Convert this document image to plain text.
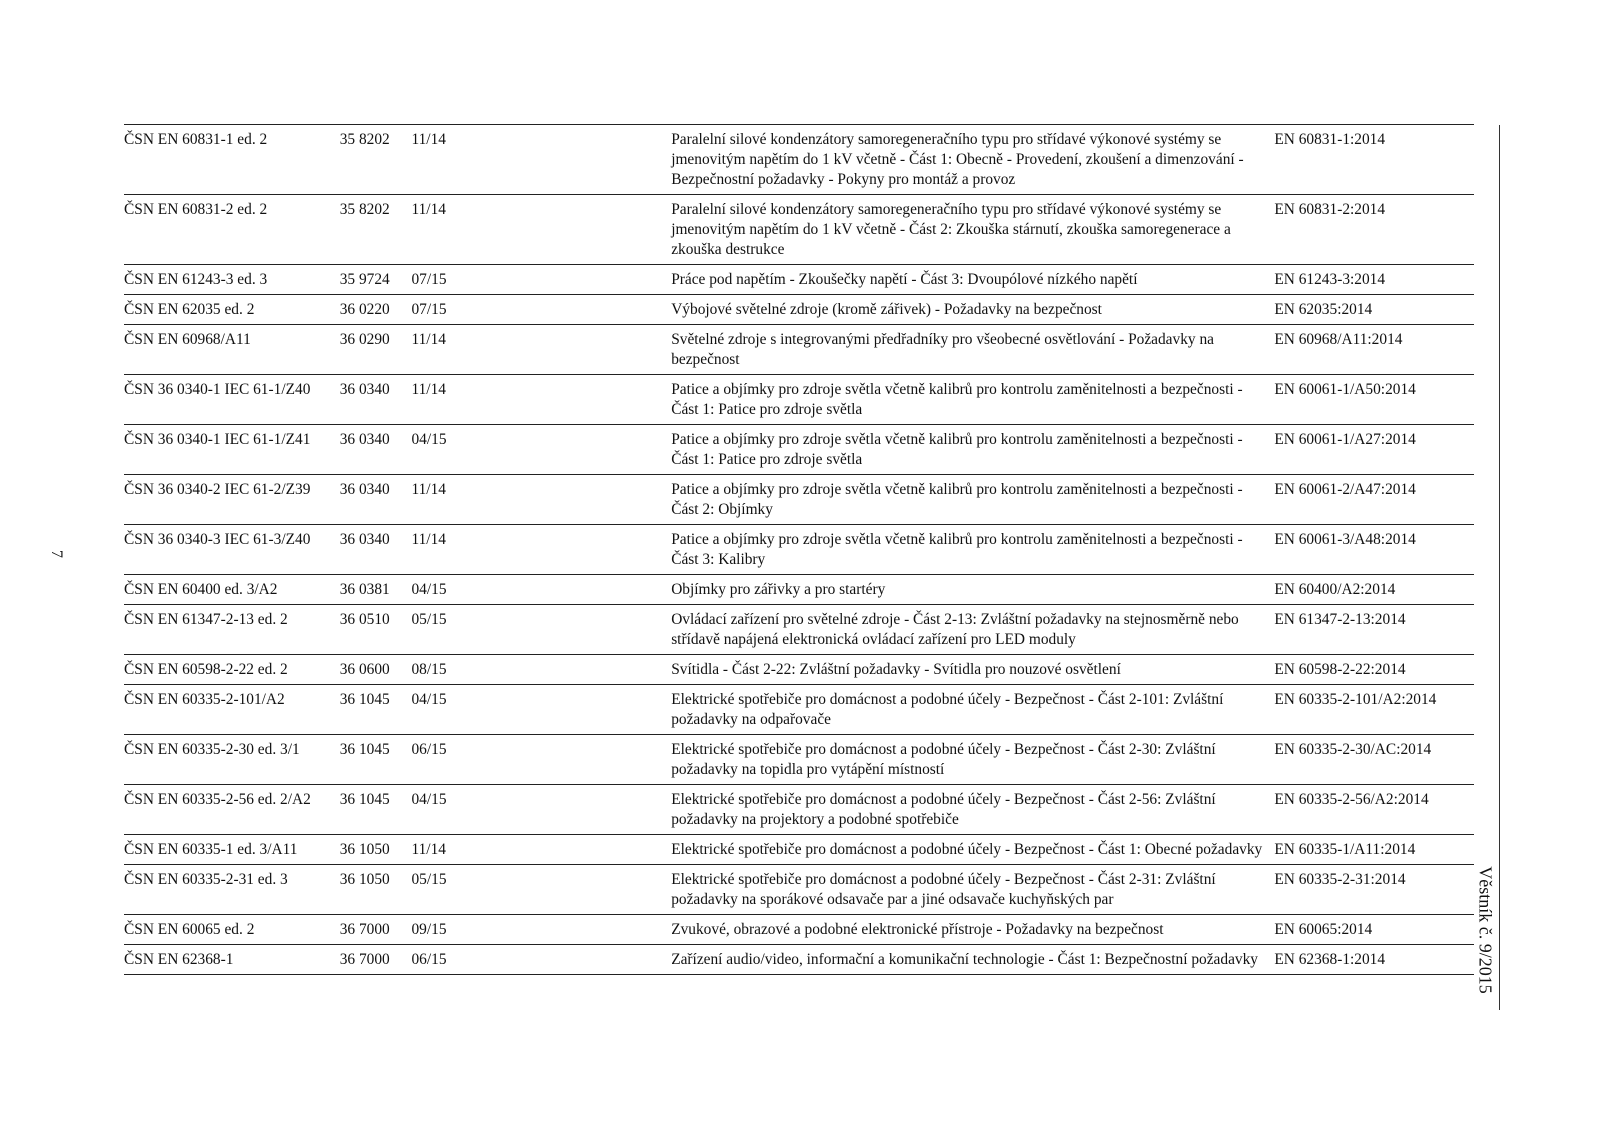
7
Věstník č. 9/2015
ČSN EN 60831-1 ed. 2	35 8202	11/14	Paralelní silové kondenzátory samoregeneračního typu pro střídavé výkonové systémy se jmenovitým napětím do 1 kV včetně - Část 1: Obecně - Provedení, zkoušení a dimenzování - Bezpečnostní požadavky - Pokyny pro montáž a provoz	EN 60831-1:2014
ČSN EN 60831-2 ed. 2	35 8202	11/14	Paralelní silové kondenzátory samoregeneračního typu pro střídavé výkonové systémy se jmenovitým napětím do 1 kV včetně - Část 2: Zkouška stárnutí, zkouška samoregenerace a zkouška destrukce	EN 60831-2:2014
ČSN EN 61243-3 ed. 3	35 9724	07/15	Práce pod napětím - Zkoušečky napětí - Část 3: Dvoupólové nízkého napětí	EN 61243-3:2014
ČSN EN 62035 ed. 2	36 0220	07/15	Výbojové světelné zdroje (kromě zářivek) - Požadavky na bezpečnost	EN 62035:2014
ČSN EN 60968/A11	36 0290	11/14	Světelné zdroje s integrovanými předřadníky pro všeobecné osvětlování - Požadavky na bezpečnost	EN 60968/A11:2014
ČSN 36 0340-1 IEC 61-1/Z40	36 0340	11/14	Patice a objímky pro zdroje světla včetně kalibrů pro kontrolu zaměnitelnosti a bezpečnosti - Část 1: Patice pro zdroje světla	EN 60061-1/A50:2014
ČSN 36 0340-1 IEC 61-1/Z41	36 0340	04/15	Patice a objímky pro zdroje světla včetně kalibrů pro kontrolu zaměnitelnosti a bezpečnosti - Část 1: Patice pro zdroje světla	EN 60061-1/A27:2014
ČSN 36 0340-2 IEC 61-2/Z39	36 0340	11/14	Patice a objímky pro zdroje světla včetně kalibrů pro kontrolu zaměnitelnosti a bezpečnosti - Část 2: Objímky	EN 60061-2/A47:2014
ČSN 36 0340-3 IEC 61-3/Z40	36 0340	11/14	Patice a objímky pro zdroje světla včetně kalibrů pro kontrolu zaměnitelnosti a bezpečnosti - Část 3: Kalibry	EN 60061-3/A48:2014
ČSN EN 60400 ed. 3/A2	36 0381	04/15	Objímky pro zářivky a pro startéry	EN 60400/A2:2014
ČSN EN 61347-2-13 ed. 2	36 0510	05/15	Ovládací zařízení pro světelné zdroje - Část 2-13: Zvláštní požadavky na stejnosměrně nebo střídavě napájená elektronická ovládací zařízení pro LED moduly	EN 61347-2-13:2014
ČSN EN 60598-2-22 ed. 2	36 0600	08/15	Svítidla - Část 2-22: Zvláštní požadavky - Svítidla pro nouzové osvětlení	EN 60598-2-22:2014
ČSN EN 60335-2-101/A2	36 1045	04/15	Elektrické spotřebiče pro domácnost a podobné účely - Bezpečnost - Část 2-101: Zvláštní požadavky na odpařovače	EN 60335-2-101/A2:2014
ČSN EN 60335-2-30 ed. 3/1	36 1045	06/15	Elektrické spotřebiče pro domácnost a podobné účely - Bezpečnost - Část 2-30: Zvláštní požadavky na topidla pro vytápění místností	EN 60335-2-30/AC:2014
ČSN EN 60335-2-56 ed. 2/A2	36 1045	04/15	Elektrické spotřebiče pro domácnost a podobné účely - Bezpečnost - Část 2-56: Zvláštní požadavky na projektory a podobné spotřebiče	EN 60335-2-56/A2:2014
ČSN EN 60335-1 ed. 3/A11	36 1050	11/14	Elektrické spotřebiče pro domácnost a podobné účely - Bezpečnost - Část 1: Obecné požadavky	EN 60335-1/A11:2014
ČSN EN 60335-2-31 ed. 3	36 1050	05/15	Elektrické spotřebiče pro domácnost a podobné účely - Bezpečnost - Část 2-31: Zvláštní požadavky na sporákové odsavače par a jiné odsavače kuchyňských par	EN 60335-2-31:2014
ČSN EN 60065 ed. 2	36 7000	09/15	Zvukové, obrazové a podobné elektronické přístroje - Požadavky na bezpečnost	EN 60065:2014
ČSN EN 62368-1	36 7000	06/15	Zařízení audio/video, informační a komunikační technologie - Část 1: Bezpečnostní požadavky	EN 62368-1:2014
